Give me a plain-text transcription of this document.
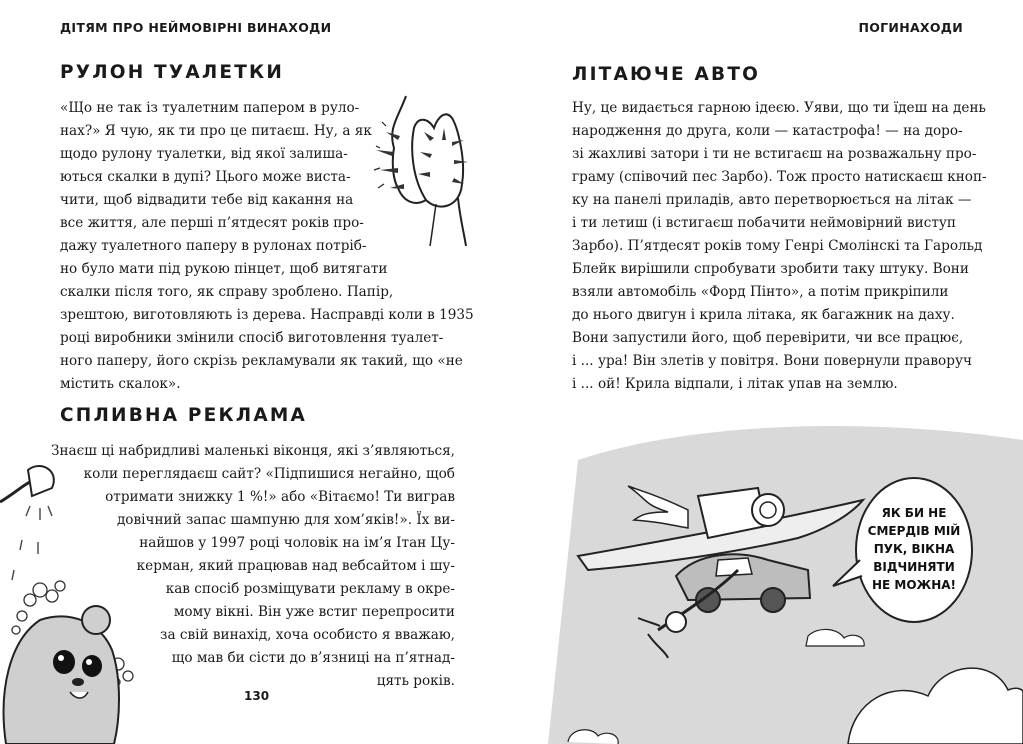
ДІТЯМ ПРО НЕЙМОВІРНІ ВИНАХОДИ
РУЛОН ТУАЛЕТКИ
«Що не так із туалетним папером в руло-
нах?» Я чую, як ти про це питаєш. Ну, а як
щодо рулону туалетки, від якої залиша-
ються скалки в дупі? Цього може виста-
чити, щоб відвадити тебе від какання на
все життя, але перші п’ятдесят років про-
дажу туалетного паперу в рулонах потріб-
но було мати під рукою пінцет, щоб витягати
скалки після того, як справу зроблено. Папір,
зрештою, виготовляють із дерева. Насправді коли в 1935
році виробники змінили спосіб виготовлення туалет-
ного паперу, його скрізь рекламували як такий, що «не
містить скалок».
СПЛИВНА РЕКЛАМА
Знаєш ці набридливі маленькі віконця, які з’являються,
коли переглядаєш сайт? «Підпишися негайно, щоб
отримати знижку 1 %!» або «Вітаємо! Ти виграв
довічний запас шампуню для хом’яків!». Їх ви-
найшов у 1997 році чоловік на ім’я Ітан Цу-
керман, який працював над вебсайтом і шу-
кав спосіб розміщувати рекламу в окре-
мому вікні. Він уже встиг перепросити
за свій винахід, хоча особисто я вважаю,
що мав би сісти до в’язниці на п’ятнад-
цять років.
130
ПОГИНАХОДИ
ЛІТАЮЧЕ АВТО
Ну, це видається гарною ідеєю. Уяви, що ти їдеш на день
народження до друга, коли — катастрофа! — на доро-
зі жахливі затори і ти не встигаєш на розважальну про-
граму (співочий пес Зарбо). Тож просто натискаєш кноп-
ку на панелі приладів, авто перетворюється на літак —
і ти летиш (і встигаєш побачити неймовірний виступ
Зарбо). П’ятдесят років тому Генрі Смолінскі та Гарольд
Блейк вирішили спробувати зробити таку штуку. Вони
взяли автомобіль «Форд Пінто», а потім прикріпили
до нього двигун і крила літака, як багажник на даху.
Вони запустили його, щоб перевірити, чи все працює,
і ... ура! Він злетів у повітря. Вони повернули праворуч
і ... ой! Крила відпали, і літак упав на землю.
ЯК БИ НЕ
СМЕРДІВ МІЙ
ПУК, ВІКНА
ВІДЧИНЯТИ
НЕ МОЖНА!
